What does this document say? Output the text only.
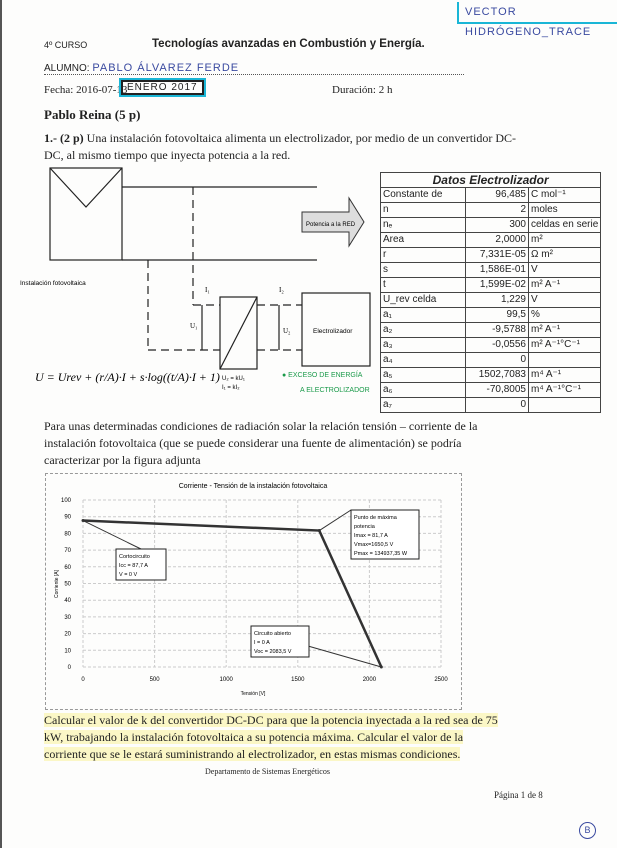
VECTOR HIDRÓGENO_TRACE
4º CURSO	Tecnologías avanzadas en Combustión y Energía.
ALUMNO: PABLO ÁLVAREZ FERDE
Fecha: 2016-07-13 ENERO 2017	Duración: 2 h
Pablo Reina (5 p)
1.- (2 p) Una instalación fotovoltaica alimenta un electrolizador, por medio de un convertidor DC-DC, al mismo tiempo que inyecta potencia a la red.
Potencia a la RED
Instalación fotovoltaica
I₁	I₂
U₁
U₂	Electrolizador
U₂ = kU₁
I₁ = kI₂
● EXCESO DE ENERGÍA
A ELECTROLIZADOR
U = Urev + (r/A)·I + s·log((t/A)·I + 1)
Datos Electrolizador		
Constante de	96,485	C mol⁻¹
n	2	moles
nₑ	300	celdas en serie
Area	2,0000	m²
r	7,331E-05	Ω m²
s	1,586E-01	V
t	1,599E-02	m² A⁻¹
U_rev celda	1,229	V
a₁	99,5	%
a₂	-9,5788	m² A⁻¹
a₃	-0,0556	m² A⁻¹°C⁻¹
a₄	0	
a₅	1502,7083	m⁴ A⁻¹
a₆	-70,8005	m⁴ A⁻¹°C⁻¹
a₇	0	
Para unas determinadas condiciones de radiación solar la relación tensión – corriente de la instalación fotovoltaica (que se puede considerar una fuente de alimentación) se podría caracterizar por la figura adjunta
Corriente - Tensión de la instalación fotovoltaica
0
10
20
30
40
50
60
70
80
90
100
0	500	1000	1500	2000	2500
Tensión [V]
Corriente [A]
Cortocircuito
Icc = 87,7 A
V = 0 V
Punto de máxima
potencia
Imax = 81,7 A
Vmax=1650,5 V
Pmax = 134937,35 W
Circuito abierto
I = 0 A
Voc = 2083,5 V
Calcular el valor de k del convertidor DC-DC para que la potencia inyectada a la red sea de 75 kW, trabajando la instalación fotovoltaica a su potencia máxima. Calcular el valor de la corriente que se le estará suministrando al electrolizador, en estas mismas condiciones.
Departamento de Sistemas Energéticos
Página 1 de 8
B
